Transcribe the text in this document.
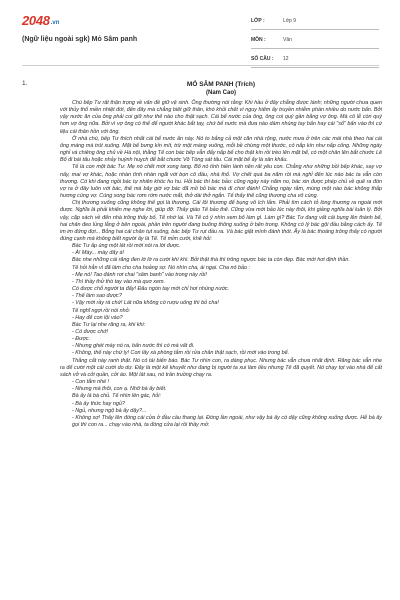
2048.vn
(Ngữ liệu ngoài sgk) Mỏ Sâm panh
LỚP :	Lớp 9
MÔN :	Văn
SỐ CÂU :	12
1.	MỎ SÂM PANH (Trích)

(Nam Cao)

Chú bếp Tư rất thận trọng về vấn đề giữ vệ sinh. Ông thường nói rằng: Khi hầu ở đây chẳng được lánh; những người chưa quen với thủy thổ miền nhiệt đới, đến đây mà chẳng biết giữ thân, khó khỏi chết vì nguy hiểm ấy truyền nhiễm phần nhiều do nước bẩn. Bởi vậy nước ăn của ông phải coi giữ như thế nào cho thật sạch. Cái bể nước của ông, ông coi quý gần bằng vợ ông. Mà cô lễ còn quý hơn vợ ông nữa. Bởi vì vợ ông có thể để người khác bắt tay, chứ bể nước mà đưa nào dám nhúng tay bẩn hay cái "sổ" bẩn vào thì cứ liệu cái thân hồn với ông.

Ở nhà chú, bếp Tư thích nhất cái bể nước ấn này. Nó to bằng cả một căn nhà rộng, nước mưa ở trên các mái nhà theo hai cái ống máng mà trút xuống. Mặt bể bưng kín mít, trừ một máng vuông, mỗi bề chừng một thước, có nắp kín như nắp cống. Những ngày nghỉ và chiêng ông chủ về Hà nội, thằng Tế con bác bếp vẫn đẩy nắp bể cho thật kín rồi trèo lên mặt bể, có một chân lên bắt chước Lê Bố đi bài tấu hoặc nhảy huỳnh huỵch để bắt chước Võ Tòng sát tấu. Cái mặt bể ấy là sân khấu.

Tế là con một bác Tư. Mẹ nó chết mới xong tang. Bố nó tính hiền lành nên rất yêu con. Chẳng như những bồi bếp khác, say vợ nấy, mai vợ khác, hoặc nhàn tình nhàn ngãi với bọn cô đầu, nhà thổ. Vợ chết quá ba năm rồi mà nghỉ đến lúc nào bác ta vẫn còn thương. Có khi đang ngồi bác tự nhiên khóc hu hu. Hỏi bác thì bác bảo: cũng ngày này năm no, bác xin được phép chủ về quê ra đón vợ ra ở đây luôn với bác, thế mà bây giờ vợ bác đã mồ bỏ bác mà đi chơi đánh! Chẳng ngày rằm, mùng một nào bác không thắp hương cúng vợ. Cúng xong bác rơm rớm nước mắt, thở dài thở ngắn. Tế thấy thế cũng thương cha vô cùng.

Chị thương xuống cũng không thể gọi là thương. Cái lối thương để bụng vô ích lắm. Phải tìm cách tỏ lòng thương ra ngoài mới được. Nghĩa là phải khiến mẹ nghe lời, giúp đỡ. Thấy giáo Tế bảo thế. Cũng vừa mới bảo lúc này thôi, khi giảng nghĩa bài luân lý. Bởi vậy, cặp sách về đến nhà trông thấy bố, Tế nhớ lại. Và Tế có ý nhìn xem bố làm gì. Làm gì? Bác Tư đang vất cái bụng lên thành bể, hai chân đeo lủng lẳng ở bên ngoài, phần trên người đang buông thõng xuống ở bên trong. Không có lý bác gội đầu bằng cách ấy. Tế im im đứng đợi... Bỗng hai cái chân tụt xuống, bác bếp Tư rụt đầu ra. Và bác giật mình đánh thót. Ấy là bác thoáng trông thấy có người đứng cạnh mà không biết người ấy là Tế. Tế mỉm cười, khẽ hỏi:

Bác Tư ấp úng một lát rồi mới nói ra lời được.

- À! Mày... mày đấy à!

Bác nhe những cái răng đen lờ lờ ra cười khì khì. Bởi thật thà thì trông ngược bác ta còn đẹp. Bác mới hơi định thần.

Tế hỏi hẳn vì đã làm cho cha hoảng sợ. Nó nhìn cha, ái ngại. Cha nó bảo :

- Mẹ nó! Tao đánh rơi chai "sâm banh" vào trong này rồi!

- Thì thầy thử thò tay vào mà quơ xem.

Có được chỗ người ta đấy! Đâu ngón tay mới chỉ hơi nhúng nước.

- Thế làm sao được?

- Vậy mới rầy rà chứ! Lát nữa không có rượu uống thì bỏ cha!

Tế nghĩ ngợi rồi nói nhỏ:

- Hay để con lội vào?

Bác Tư lại nhe răng ra, khi khi:

- Có được chớ!

- Được.

- Nhưng ghét máy nó ra, bẩn nước thì có mà vất đi.

- Không, thế này chứ ly! Con lấy xà phòng tắm rồi rửa chân thật sạch, rồi mới vào trong bể.

Thằng cắt này ranh thật. Nó có tài biến báo. Bác Tư nhìn con, ra dáng phục. Nhưng bác vẫn chưa nhất định. Răng bác vẫn nhe ra để cười một cái cười do dự. Đây là một kế khuyết như đang bị người ta xui làm liều nhưng Tế đã quyết. Nó chạy tọt vào nhà để cất sách vở và cởi quần, cởi áo. Một lát sau, nó trần truồng chạy ra.

- Con tắm nhé !

- Nhưng mà thôi, con ạ. Nhỡ bà ấy biết.

Bà ấy là bà chủ. Tế nhìn lên gác, hỏi:

- Bà ấy thức hay ngủ?

- Ngủ, nhưng ngộ bà ấy dậy?...

- Không sợ! Thấy lên đóng cái cửa ở đầu cầu thang lại. Đóng lần ngoài, như vậy bà ấy có dậy cũng không xuống được. Hễ bà ấy gọi thì con ra... chạy vào nhà, ta đóng cửa lại rồi thầy mở.
